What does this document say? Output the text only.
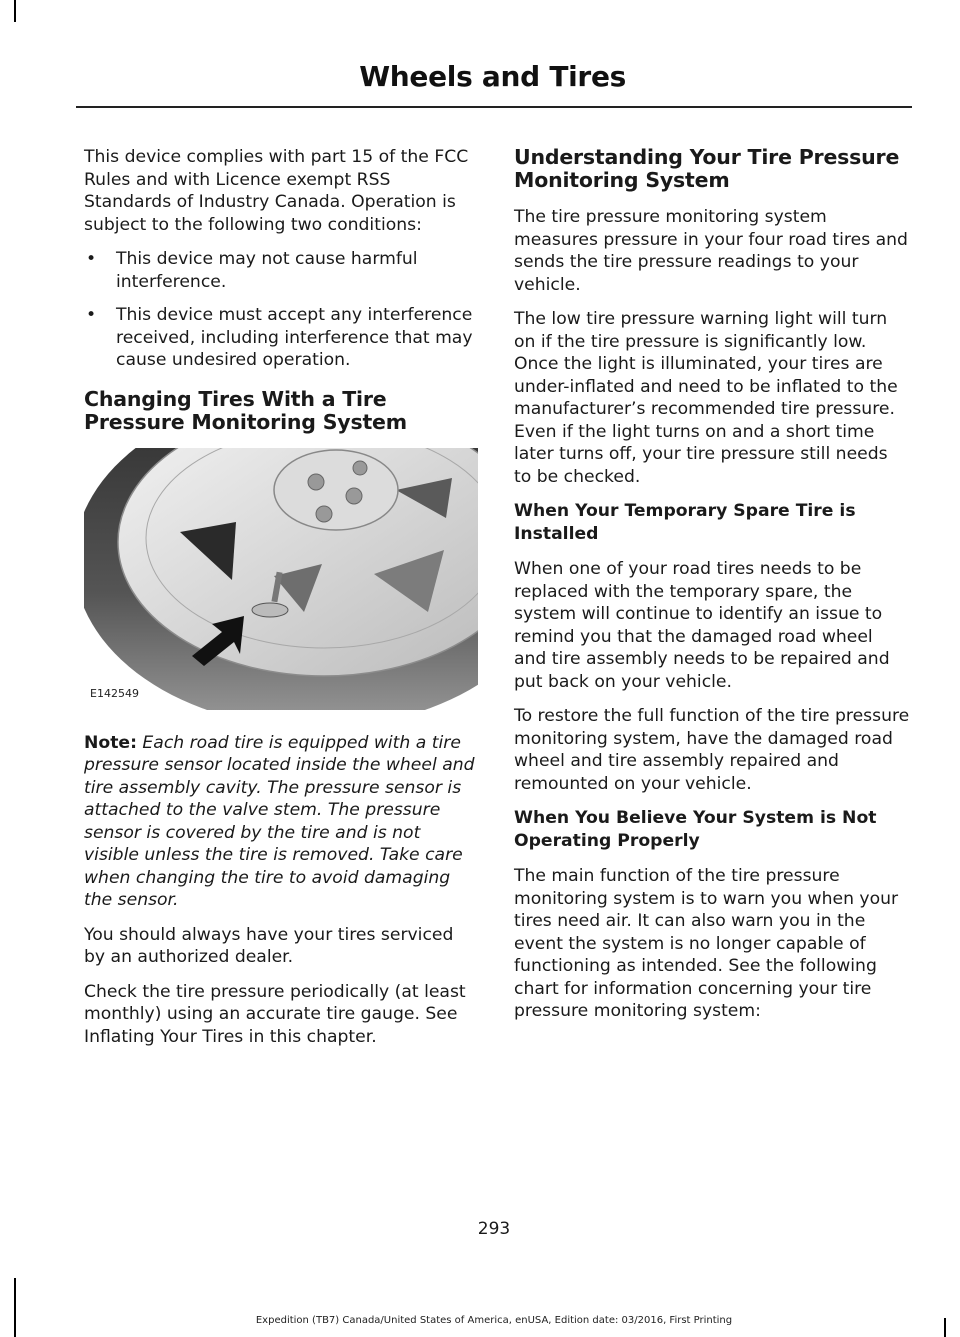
Wheels and Tires

This device complies with part 15 of the FCC Rules and with Licence exempt RSS Standards of Industry Canada. Operation is subject to the following two conditions:

• This device may not cause harmful interference.
• This device must accept any interference received, including interference that may cause undesired operation.
Changing Tires With a Tire Pressure Monitoring System
E142549

Note: Each road tire is equipped with a tire pressure sensor located inside the wheel and tire assembly cavity. The pressure sensor is attached to the valve stem. The pressure sensor is covered by the tire and is not visible unless the tire is removed. Take care when changing the tire to avoid damaging the sensor.

You should always have your tires serviced by an authorized dealer.

Check the tire pressure periodically (at least monthly) using an accurate tire gauge. See Inflating Your Tires in this chapter.

Understanding Your Tire Pressure Monitoring System

The tire pressure monitoring system measures pressure in your four road tires and sends the tire pressure readings to your vehicle.

The low tire pressure warning light will turn on if the tire pressure is significantly low. Once the light is illuminated, your tires are under-inflated and need to be inflated to the manufacturer’s recommended tire pressure. Even if the light turns on and a short time later turns off, your tire pressure still needs to be checked.

When Your Temporary Spare Tire is Installed

When one of your road tires needs to be replaced with the temporary spare, the system will continue to identify an issue to remind you that the damaged road wheel and tire assembly needs to be repaired and put back on your vehicle.

To restore the full function of the tire pressure monitoring system, have the damaged road wheel and tire assembly repaired and remounted on your vehicle.

When You Believe Your System is Not Operating Properly

The main function of the tire pressure monitoring system is to warn you when your tires need air. It can also warn you in the event the system is no longer capable of functioning as intended. See the following chart for information concerning your tire pressure monitoring system:

293
Expedition (TB7) Canada/United States of America, enUSA, Edition date: 03/2016, First Printing
